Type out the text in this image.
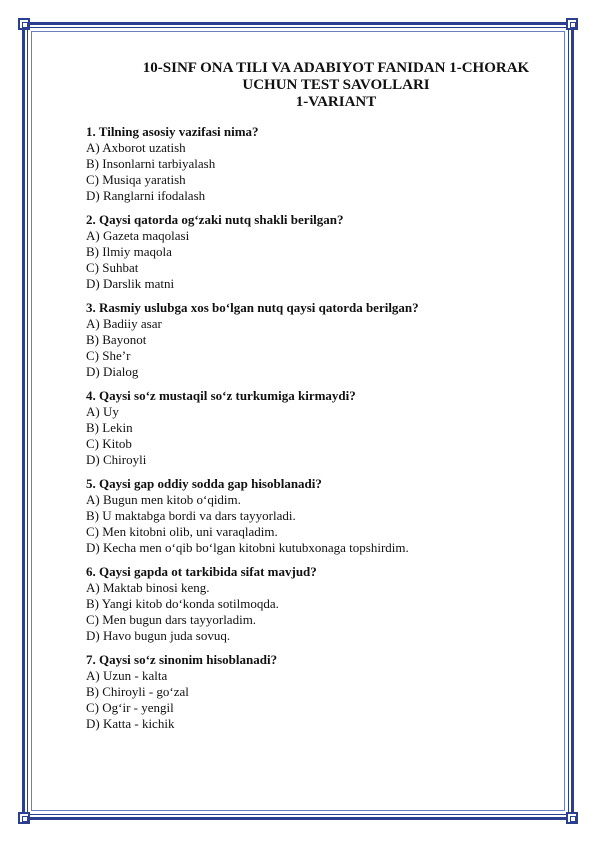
10-SINF ONA TILI VA ADABIYOT FANIDAN 1-CHORAK
UCHUN TEST SAVOLLARI
1-VARIANT
1. Tilning asosiy vazifasi nima?
A) Axborot uzatish
B) Insonlarni tarbiyalash
C) Musiqa yaratish
D) Ranglarni ifodalash
2. Qaysi qatorda og‘zaki nutq shakli berilgan?
A) Gazeta maqolasi
B) Ilmiy maqola
C) Suhbat
D) Darslik matni
3. Rasmiy uslubga xos bo‘lgan nutq qaysi qatorda berilgan?
A) Badiiy asar
B) Bayonot
C) She’r
D) Dialog
4. Qaysi so‘z mustaqil so‘z turkumiga kirmaydi?
A) Uy
B) Lekin
C) Kitob
D) Chiroyli
5. Qaysi gap oddiy sodda gap hisoblanadi?
A) Bugun men kitob o‘qidim.
B) U maktabga bordi va dars tayyorladi.
C) Men kitobni olib, uni varaqladim.
D) Kecha men o‘qib bo‘lgan kitobni kutubxonaga topshirdim.
6. Qaysi gapda ot tarkibida sifat mavjud?
A) Maktab binosi keng.
B) Yangi kitob do‘konda sotilmoqda.
C) Men bugun dars tayyorladim.
D) Havo bugun juda sovuq.
7. Qaysi so‘z sinonim hisoblanadi?
A) Uzun - kalta
B) Chiroyli - go‘zal
C) Og‘ir - yengil
D) Katta - kichik
